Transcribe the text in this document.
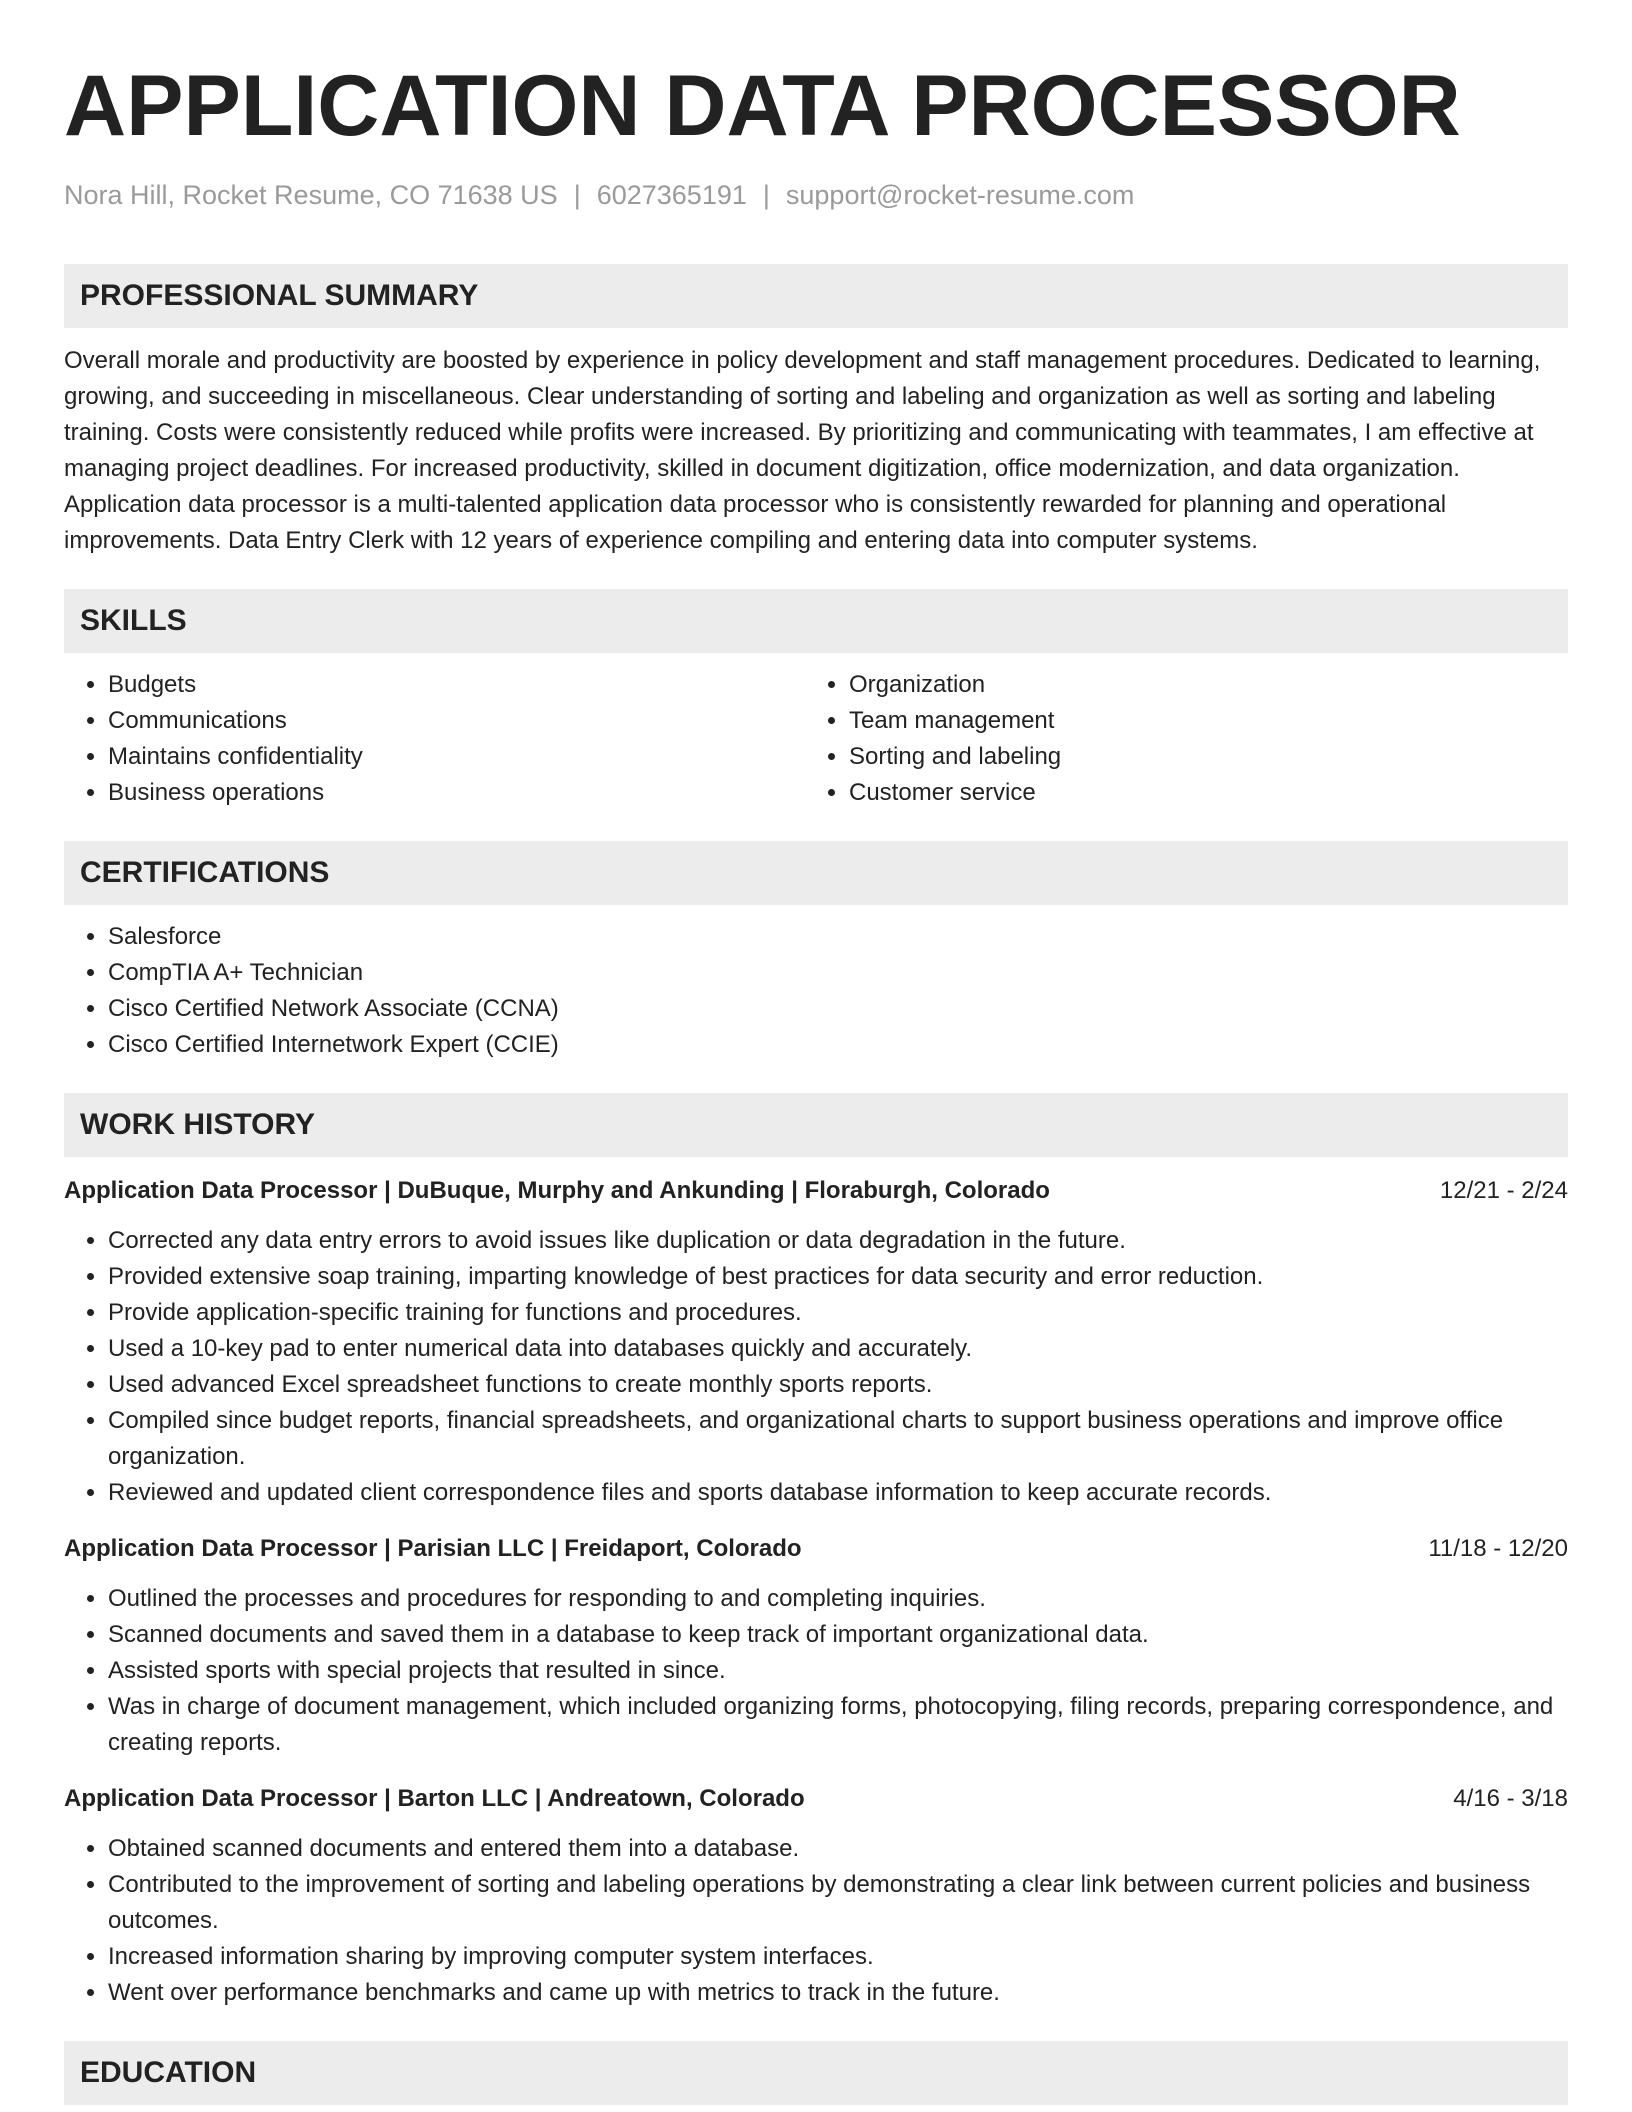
APPLICATION DATA PROCESSOR
Nora Hill, Rocket Resume, CO 71638 US | 6027365191 | support@rocket-resume.com
PROFESSIONAL SUMMARY

Overall morale and productivity are boosted by experience in policy development and staff management procedures. Dedicated to learning, growing, and succeeding in miscellaneous. Clear understanding of sorting and labeling and organization as well as sorting and labeling training. Costs were consistently reduced while profits were increased. By prioritizing and communicating with teammates, I am effective at managing project deadlines. For increased productivity, skilled in document digitization, office modernization, and data organization. Application data processor is a multi-talented application data processor who is consistently rewarded for planning and operational improvements. Data Entry Clerk with 12 years of experience compiling and entering data into computer systems.

SKILLS
• Budgets
• Communications
• Maintains confidentiality
• Business operations
• Organization
• Team management
• Sorting and labeling
• Customer service
CERTIFICATIONS
• Salesforce
• CompTIA A+ Technician
• Cisco Certified Network Associate (CCNA)
• Cisco Certified Internetwork Expert (CCIE)
WORK HISTORY
Application Data Processor | DuBuque, Murphy and Ankunding | Floraburgh, Colorado	12/21 - 2/24
• Corrected any data entry errors to avoid issues like duplication or data degradation in the future.
• Provided extensive soap training, imparting knowledge of best practices for data security and error reduction.
• Provide application-specific training for functions and procedures.
• Used a 10-key pad to enter numerical data into databases quickly and accurately.
• Used advanced Excel spreadsheet functions to create monthly sports reports.
• Compiled since budget reports, financial spreadsheets, and organizational charts to support business operations and improve office organization.
• Reviewed and updated client correspondence files and sports database information to keep accurate records.
Application Data Processor | Parisian LLC | Freidaport, Colorado	11/18 - 12/20
• Outlined the processes and procedures for responding to and completing inquiries.
• Scanned documents and saved them in a database to keep track of important organizational data.
• Assisted sports with special projects that resulted in since.
• Was in charge of document management, which included organizing forms, photocopying, filing records, preparing correspondence, and creating reports.
Application Data Processor | Barton LLC | Andreatown, Colorado	4/16 - 3/18
• Obtained scanned documents and entered them into a database.
• Contributed to the improvement of sorting and labeling operations by demonstrating a clear link between current policies and business outcomes.
• Increased information sharing by improving computer system interfaces.
• Went over performance benchmarks and came up with metrics to track in the future.
EDUCATION
